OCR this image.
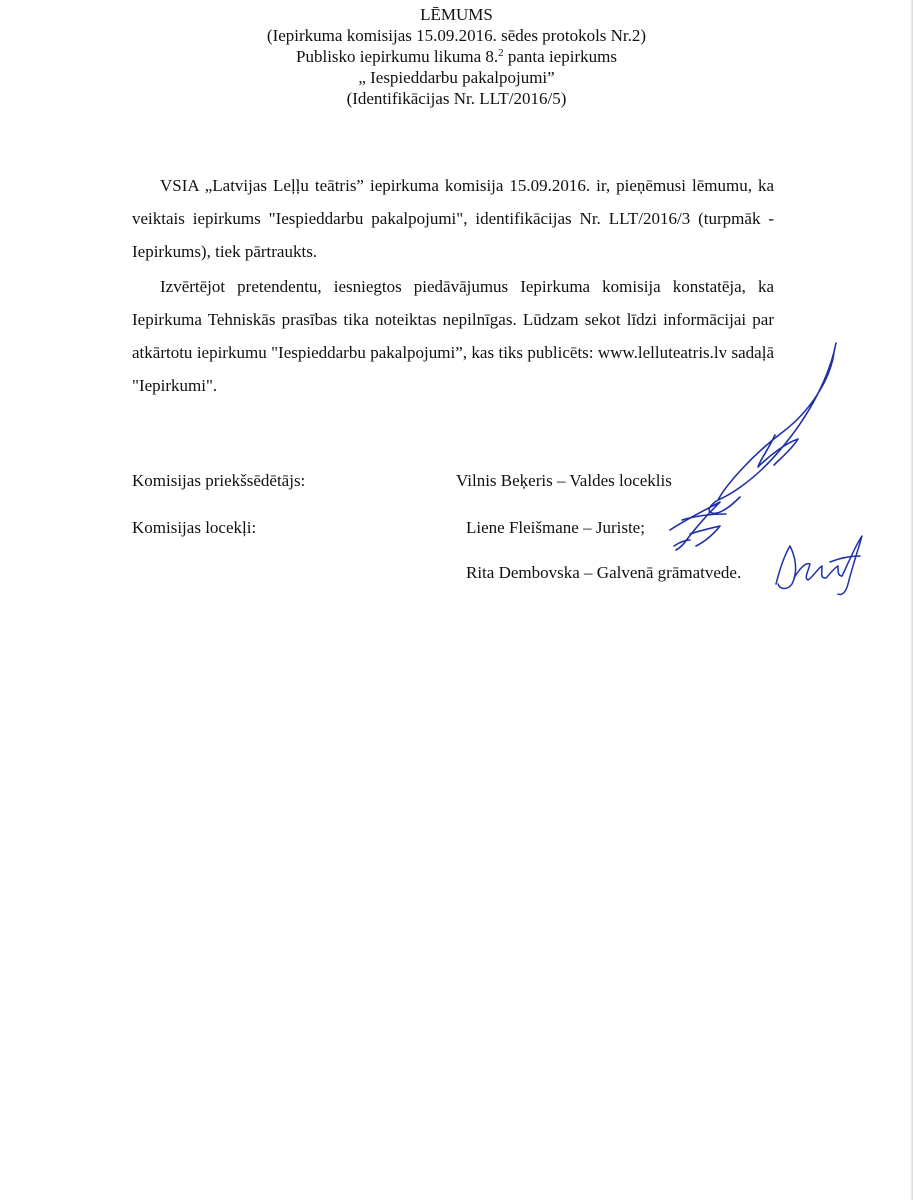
LĒMUMS
(Iepirkuma komisijas 15.09.2016. sēdes protokols Nr.2)
Publisko iepirkumu likuma 8.$^2$ panta iepirkums
„ Iespieddarbu pakalpojumi”
(Identifikācijas Nr. LLT/2016/5)

VSIA „Latvijas Leļļu teātris” iepirkuma komisija 15.09.2016. ir, pieņēmusi lēmumu, ka veiktais iepirkums "Iespieddarbu pakalpojumi", identifikācijas Nr. LLT/2016/3 (turpmāk - Iepirkums), tiek pārtraukts.

Izvērtējot pretendentu, iesniegtos piedāvājumus Iepirkuma komisija konstatēja, ka Iepirkuma Tehniskās prasības tika noteiktas nepilnīgas. Lūdzam sekot līdzi informācijai par atkārtotu iepirkumu "Iespieddarbu pakalpojumi”, kas tiks publicēts: www.lelluteatris.lv sadaļā "Iepirkumi".

Komisijas priekšsēdētājs:	Vilnis Beķeris – Valdes loceklis
Komisijas locekļi:	Liene Fleišmane – Juriste;
Rita Dembovska – Galvenā grāmatvede.
